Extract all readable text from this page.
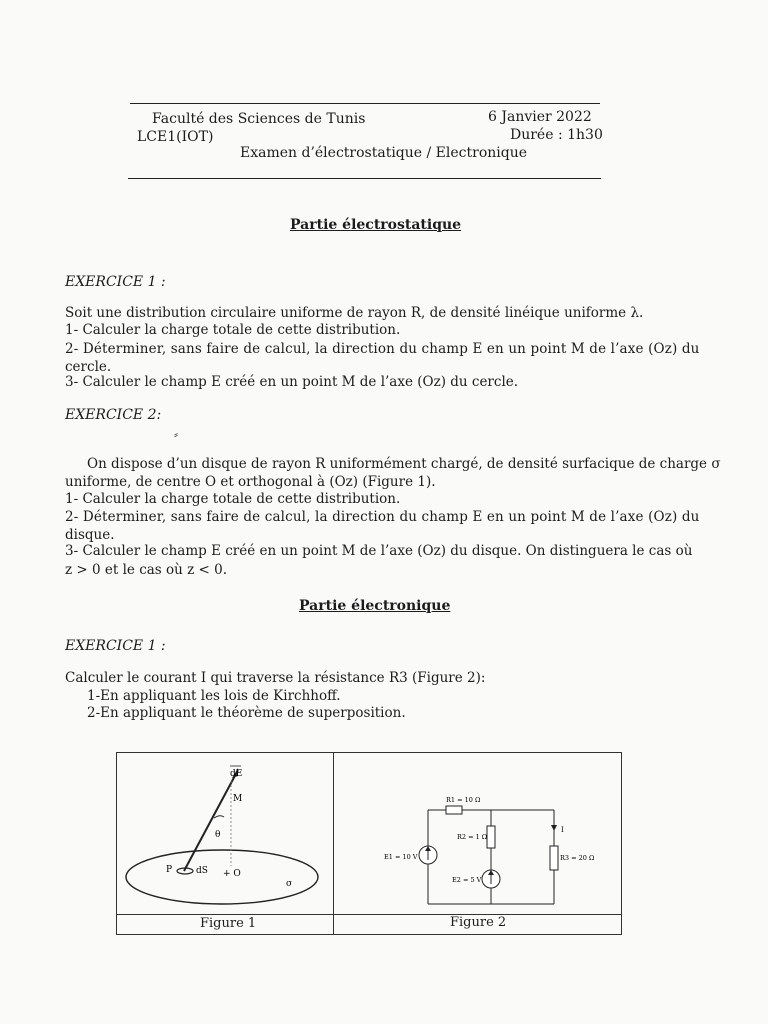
Faculté des Sciences de Tunis	6 Janvier 2022
LCE1(IOT)	Durée : 1h30
Examen d’électrostatique / Electronique
Partie électrostatique
EXERCICE 1 :
Soit une distribution circulaire uniforme de rayon R, de densité linéique uniforme λ.
1- Calculer la charge totale de cette distribution.
2- Déterminer, sans faire de calcul, la direction du champ E en un point M de l’axe (Oz) du
cercle.
3- Calculer le champ E créé en un point M de l’axe (Oz) du cercle.
EXERCICE 2:
⸗
On dispose d’un disque de rayon R uniformément chargé, de densité surfacique de charge σ
uniforme, de centre O et orthogonal à (Oz) (Figure 1).
1- Calculer la charge totale de cette distribution.
2- Déterminer, sans faire de calcul, la direction du champ E en un point M de l’axe (Oz) du
disque.
3- Calculer le champ E créé en un point M de l’axe (Oz) du disque. On distinguera le cas où
z > 0 et le cas où z < 0.
Partie électronique
EXERCICE 1 :
Calculer le courant I qui traverse la résistance R3 (Figure 2):
1-En appliquant les lois de Kirchhoff.
2-En appliquant le théorème de superposition.
dE
M
θ
P	dS + O
σ
Figure 1
R1 = 10 Ω
R2 = 1 Ω
R3 = 20 Ω
E1 = 10 V
E2 = 5 V
I
Figure 2
